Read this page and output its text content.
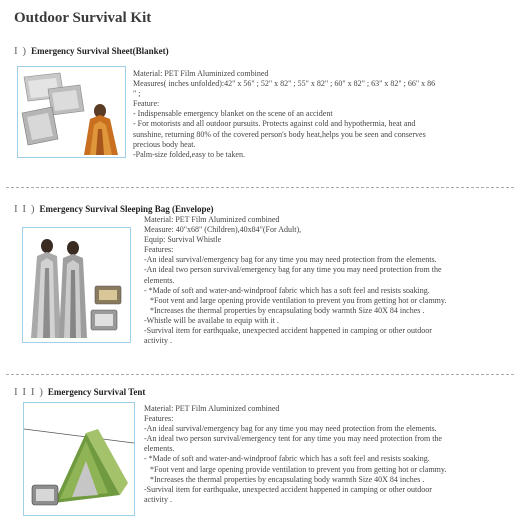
Outdoor Survival Kit
I ) Emergency Survival Sheet(Blanket)
Material: PET Film Aluminized combined
Measures( inches unfolded):42" x 56" ; 52" x 82" ; 55" x 82" ; 60" x 82" ; 63" x 82" ; 66" x 86
" ;
Feature:
- Indispensable emergency blanket on the scene of an accident
- For motorists and all outdoor pursuits. Protects against cold and hypothermia, heat and
sunshine, returning 80% of the covered person's body heat,helps you be seen and conserves
precious body heat.
-Palm-size folded,easy to be taken.
I I ) Emergency Survival Sleeping Bag (Envelope)
Material: PET Film Aluminized combined
Measure: 40"x68" (Children),40x84"(For Adult),
Equip: Survival Whistle
Features:
-An ideal survival/emergency bag for any time you may need protection from the elements.
-An ideal two person survival/emergency bag for any time you may need protection from the
elements.
- *Made of soft and water-and-windproof fabric which has a soft feel and resists soaking.
*Foot vent and large opening provide ventilation to prevent you from getting hot or clammy.
*Increases the thermal properties by encapsulating body warmth Size 40X 84 inches .
-Whistle will be availabe to equip with it .
-Survival item for earthquake, unexpected accident happened in camping or other outdoor
activity .
I I I ) Emergency Survival Tent
Material: PET Film Aluminized combined
Features:
-An ideal survival/emergency bag for any time you may need protection from the elements.
-An ideal two person survival/emergency tent for any time you may need protection from the
elements.
- *Made of soft and water-and-windproof fabric which has a soft feel and resists soaking.
*Foot vent and large opening provide ventilation to prevent you from getting hot or clammy.
*Increases the thermal properties by encapsulating body warmth Size 40X 84 inches .
-Survival item for earthquake, unexpected accident happened in camping or other outdoor
activity .
